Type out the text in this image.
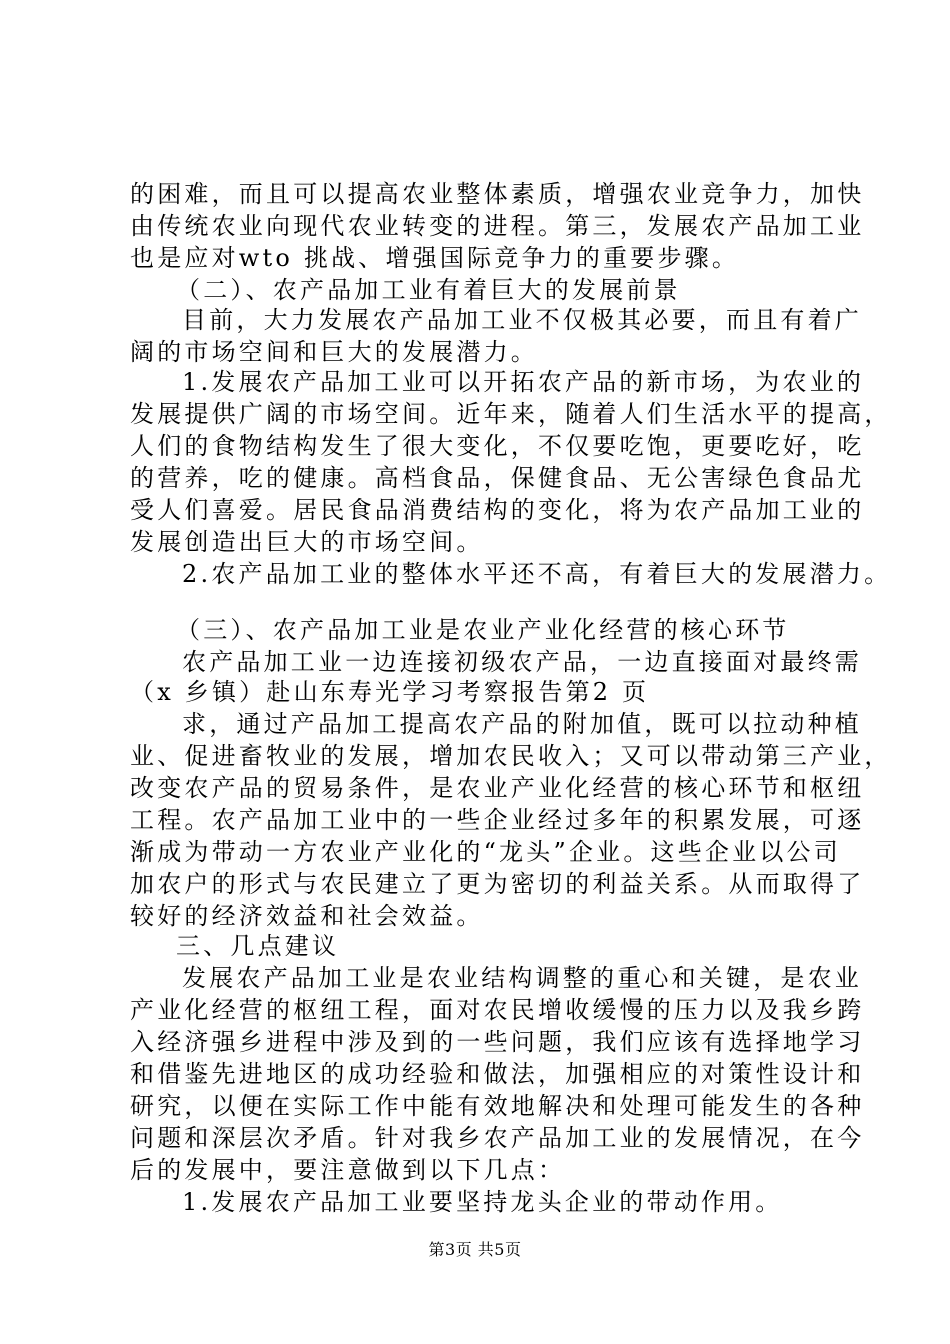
的困难，而且可以提高农业整体素质，增强农业竞争力，加快
由传统农业向现代农业转变的进程。第三，发展农产品加工业
也是应对wto 挑战、增强国际竞争力的重要步骤。
（二）、农产品加工业有着巨大的发展前景
目前，大力发展农产品加工业不仅极其必要，而且有着广
阔的市场空间和巨大的发展潜力。
1.发展农产品加工业可以开拓农产品的新市场，为农业的
发展提供广阔的市场空间。近年来，随着人们生活水平的提高，
人们的食物结构发生了很大变化，不仅要吃饱，更要吃好，吃
的营养，吃的健康。高档食品，保健食品、无公害绿色食品尤
受人们喜爱。居民食品消费结构的变化，将为农产品加工业的
发展创造出巨大的市场空间。
2.农产品加工业的整体水平还不高，有着巨大的发展潜力。
（三）、农产品加工业是农业产业化经营的核心环节
农产品加工业一边连接初级农产品，一边直接面对最终需
（x 乡镇）赴山东寿光学习考察报告第2 页
求，通过产品加工提高农产品的附加值，既可以拉动种植
业、促进畜牧业的发展，增加农民收入；又可以带动第三产业，
改变农产品的贸易条件，是农业产业化经营的核心环节和枢纽
工程。农产品加工业中的一些企业经过多年的积累发展，可逐
渐成为带动一方农业产业化的“龙头”企业。这些企业以公司
加农户的形式与农民建立了更为密切的利益关系。从而取得了
较好的经济效益和社会效益。
三、几点建议
发展农产品加工业是农业结构调整的重心和关键，是农业
产业化经营的枢纽工程，面对农民增收缓慢的压力以及我乡跨
入经济强乡进程中涉及到的一些问题，我们应该有选择地学习
和借鉴先进地区的成功经验和做法，加强相应的对策性设计和
研究，以便在实际工作中能有效地解决和处理可能发生的各种
问题和深层次矛盾。针对我乡农产品加工业的发展情况，在今
后的发展中，要注意做到以下几点：
1.发展农产品加工业要坚持龙头企业的带动作用。
第3页 共5页
